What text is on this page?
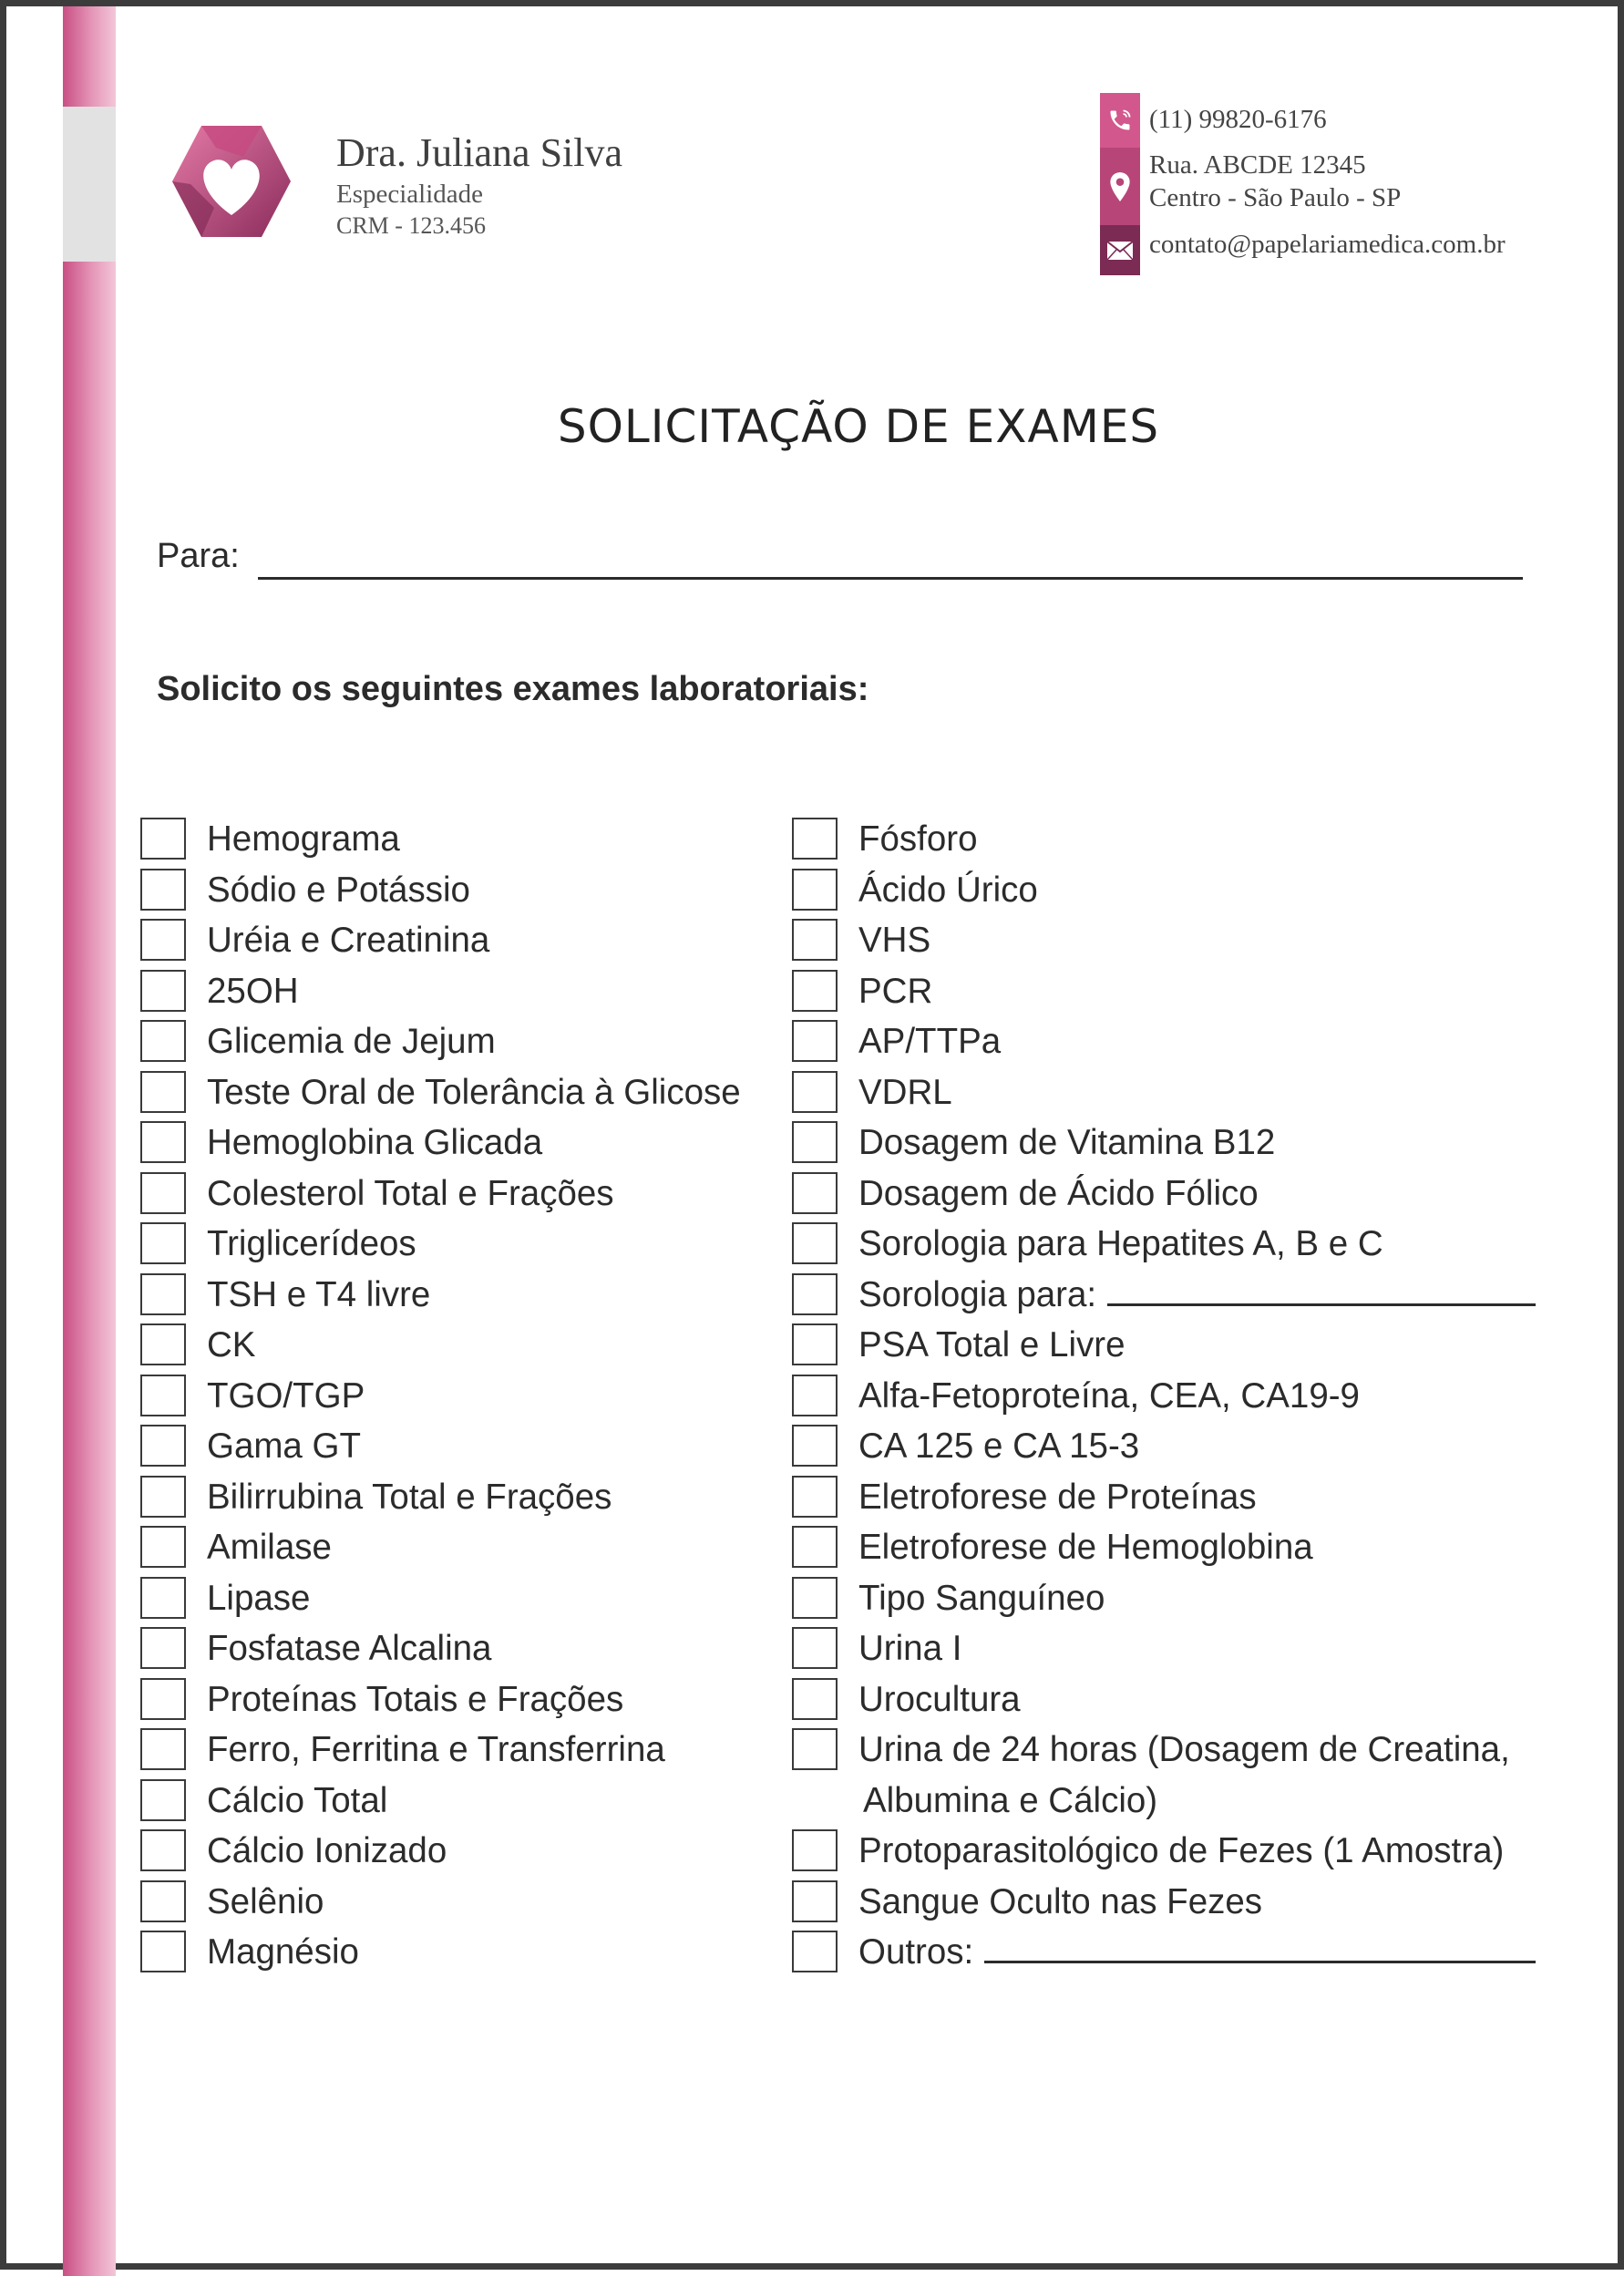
Dra. Juliana Silva
Especialidade
CRM - 123.456
(11) 99820-6176
Rua. ABCDE 12345
Centro - São Paulo - SP
contato@papelariamedica.com.br
SOLICITAÇÃO DE EXAMES
Para:
Solicito os seguintes exames laboratoriais:
Hemograma
Sódio e Potássio
Uréia e Creatinina
25OH
Glicemia de Jejum
Teste Oral de Tolerância à Glicose
Hemoglobina Glicada
Colesterol Total e Frações
Triglicerídeos
TSH e T4 livre
CK
TGO/TGP
Gama GT
Bilirrubina Total e Frações
Amilase
Lipase
Fosfatase Alcalina
Proteínas Totais e Frações
Ferro, Ferritina e Transferrina
Cálcio Total
Cálcio Ionizado
Selênio
Magnésio
Fósforo
Ácido Úrico
VHS
PCR
AP/TTPa
VDRL
Dosagem de Vitamina B12
Dosagem de Ácido Fólico
Sorologia para Hepatites A, B e C
Sorologia para:
PSA Total e Livre
Alfa-Fetoproteína, CEA, CA19-9
CA 125 e CA 15-3
Eletroforese de Proteínas
Eletroforese de Hemoglobina
Tipo Sanguíneo
Urina I
Urocultura
Urina de 24 horas (Dosagem de Creatina,
Albumina e Cálcio)
Protoparasitológico de Fezes (1 Amostra)
Sangue Oculto nas Fezes
Outros:
